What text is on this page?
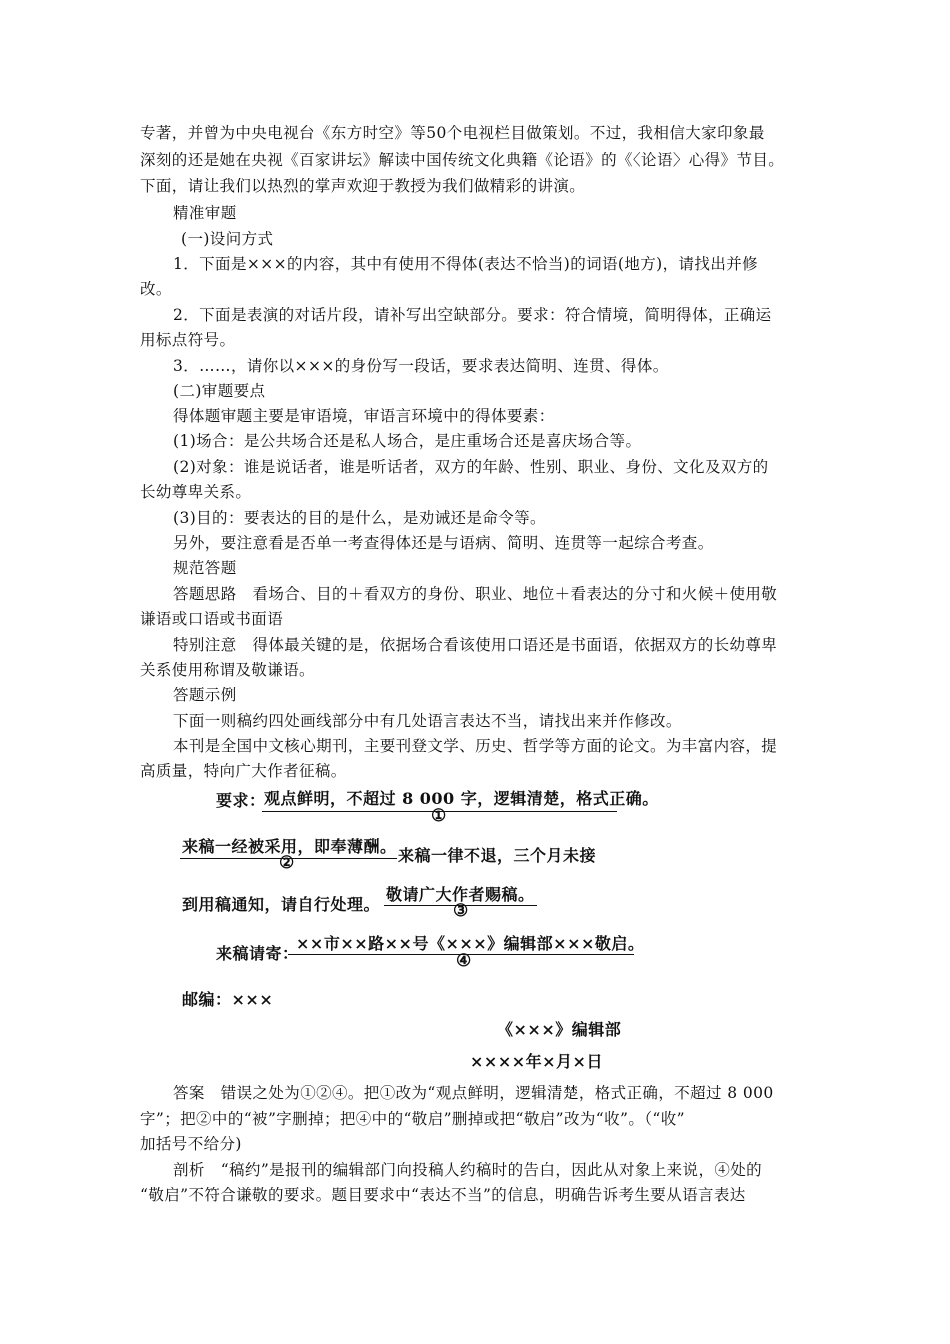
专著，并曾为中央电视台《东方时空》等50个电视栏目做策划。不过，我相信大家印象最
深刻的还是她在央视《百家讲坛》解读中国传统文化典籍《论语》的《〈论语〉心得》节目。
下面，请让我们以热烈的掌声欢迎于教授为我们做精彩的讲演。
精准审题
(一)设问方式
1．下面是×××的内容，其中有使用不得体(表达不恰当)的词语(地方)，请找出并修
改。
2．下面是表演的对话片段，请补写出空缺部分。要求：符合情境，简明得体，正确运
用标点符号。
3．……，请你以×××的身份写一段话，要求表达简明、连贯、得体。
(二)审题要点
得体题审题主要是审语境，审语言环境中的得体要素：
(1)场合：是公共场合还是私人场合，是庄重场合还是喜庆场合等。
(2)对象：谁是说话者，谁是听话者，双方的年龄、性别、职业、身份、文化及双方的
长幼尊卑关系。
(3)目的：要表达的目的是什么，是劝诫还是命令等。
另外，要注意看是否单一考查得体还是与语病、简明、连贯等一起综合考查。
规范答题
答题思路　看场合、目的＋看双方的身份、职业、地位＋看表达的分寸和火候＋使用敬
谦语或口语或书面语
特别注意　得体最关键的是，依据场合看该使用口语还是书面语，依据双方的长幼尊卑
关系使用称谓及敬谦语。
答题示例
下面一则稿约四处画线部分中有几处语言表达不当，请找出来并作修改。
本刊是全国中文核心期刊，主要刊登文学、历史、哲学等方面的论文。为丰富内容，提
高质量，特向广大作者征稿。
要求：
观点鲜明，不超过 8 000 字，逻辑清楚，格式正确。
①
来稿一经被采用，即奉薄酬。
②	来稿一律不退，三个月未接
到用稿通知，请自行处理。
敬请广大作者赐稿。
③
来稿请寄：
××市××路××号《×××》编辑部×××敬启。
④
邮编：×××
《×××》编辑部
××××年×月×日
答案　错误之处为①②④。把①改为“观点鲜明，逻辑清楚，格式正确，不超过 8 000
字”；把②中的“被”字删掉；把④中的“敬启”删掉或把“敬启”改为“收”。（“收”
加括号不给分)
剖析　“稿约”是报刊的编辑部门向投稿人约稿时的告白，因此从对象上来说，④处的
“敬启”不符合谦敬的要求。题目要求中“表达不当”的信息，明确告诉考生要从语言表达
